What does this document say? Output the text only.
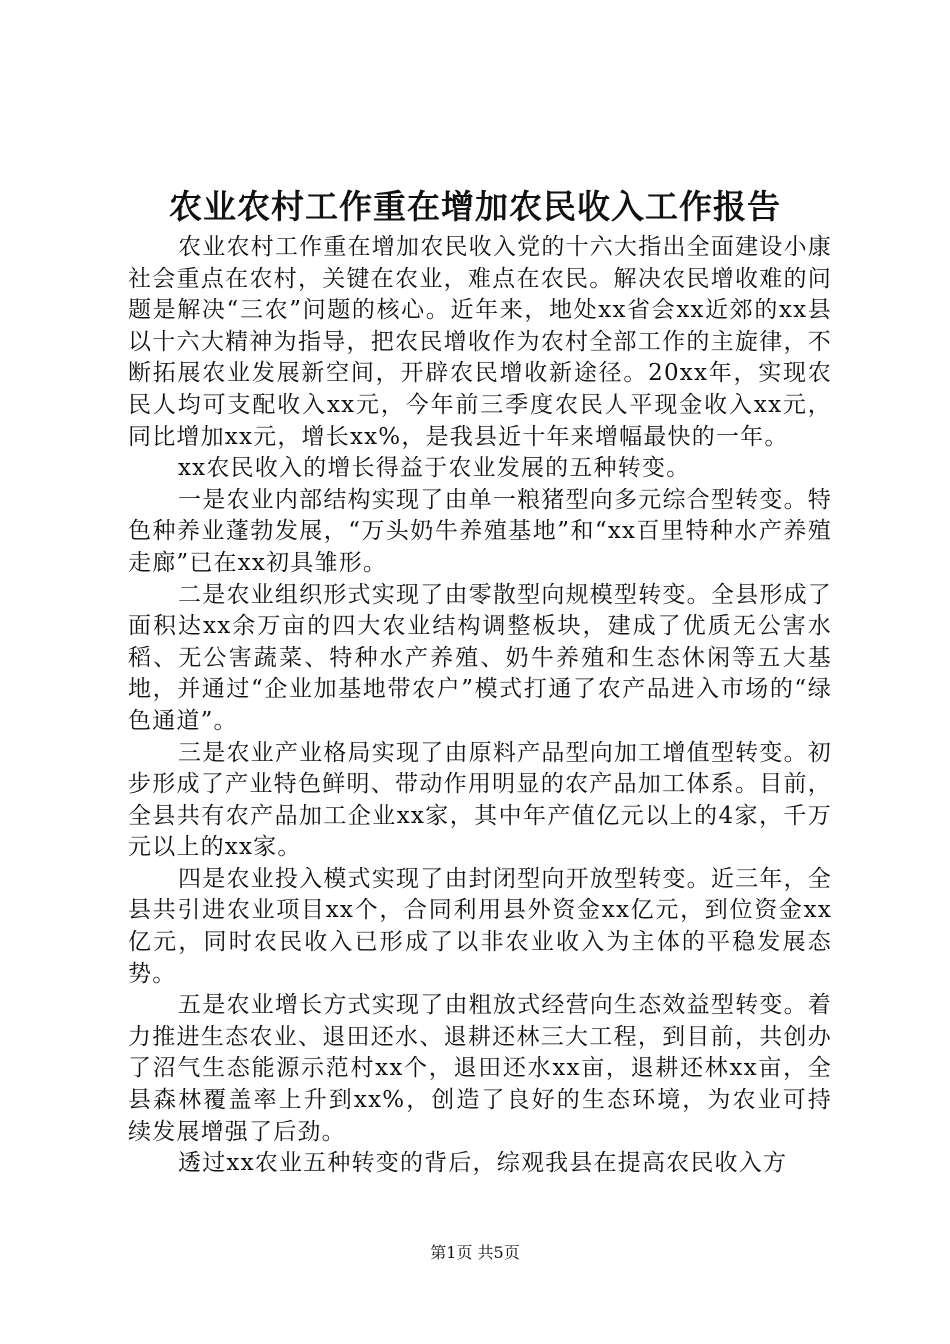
农业农村工作重在增加农民收入工作报告

农业农村工作重在增加农民收入党的十六大指出全面建设小康社会重点在农村，关键在农业，难点在农民。解决农民增收难的问题是解决“三农”问题的核心。近年来，地处xx省会xx近郊的xx县以十六大精神为指导，把农民增收作为农村全部工作的主旋律，不断拓展农业发展新空间，开辟农民增收新途径。20xx年，实现农民人均可支配收入xx元，今年前三季度农民人平现金收入xx元，同比增加xx元，增长xx%，是我县近十年来增幅最快的一年。

xx农民收入的增长得益于农业发展的五种转变。

一是农业内部结构实现了由单一粮猪型向多元综合型转变。特色种养业蓬勃发展，“万头奶牛养殖基地”和“xx百里特种水产养殖走廊”已在xx初具雏形。

二是农业组织形式实现了由零散型向规模型转变。全县形成了面积达xx余万亩的四大农业结构调整板块，建成了优质无公害水稻、无公害蔬菜、特种水产养殖、奶牛养殖和生态休闲等五大基地，并通过“企业加基地带农户”模式打通了农产品进入市场的“绿色通道”。

三是农业产业格局实现了由原料产品型向加工增值型转变。初步形成了产业特色鲜明、带动作用明显的农产品加工体系。目前，全县共有农产品加工企业xx家，其中年产值亿元以上的4家，千万元以上的xx家。

四是农业投入模式实现了由封闭型向开放型转变。近三年，全县共引进农业项目xx个，合同利用县外资金xx亿元，到位资金xx亿元，同时农民收入已形成了以非农业收入为主体的平稳发展态势。

五是农业增长方式实现了由粗放式经营向生态效益型转变。着力推进生态农业、退田还水、退耕还林三大工程，到目前，共创办了沼气生态能源示范村xx个，退田还水xx亩，退耕还林xx亩，全县森林覆盖率上升到xx%，创造了良好的生态环境，为农业可持续发展增强了后劲。

透过xx农业五种转变的背后，综观我县在提高农民收入方

第1页 共5页
